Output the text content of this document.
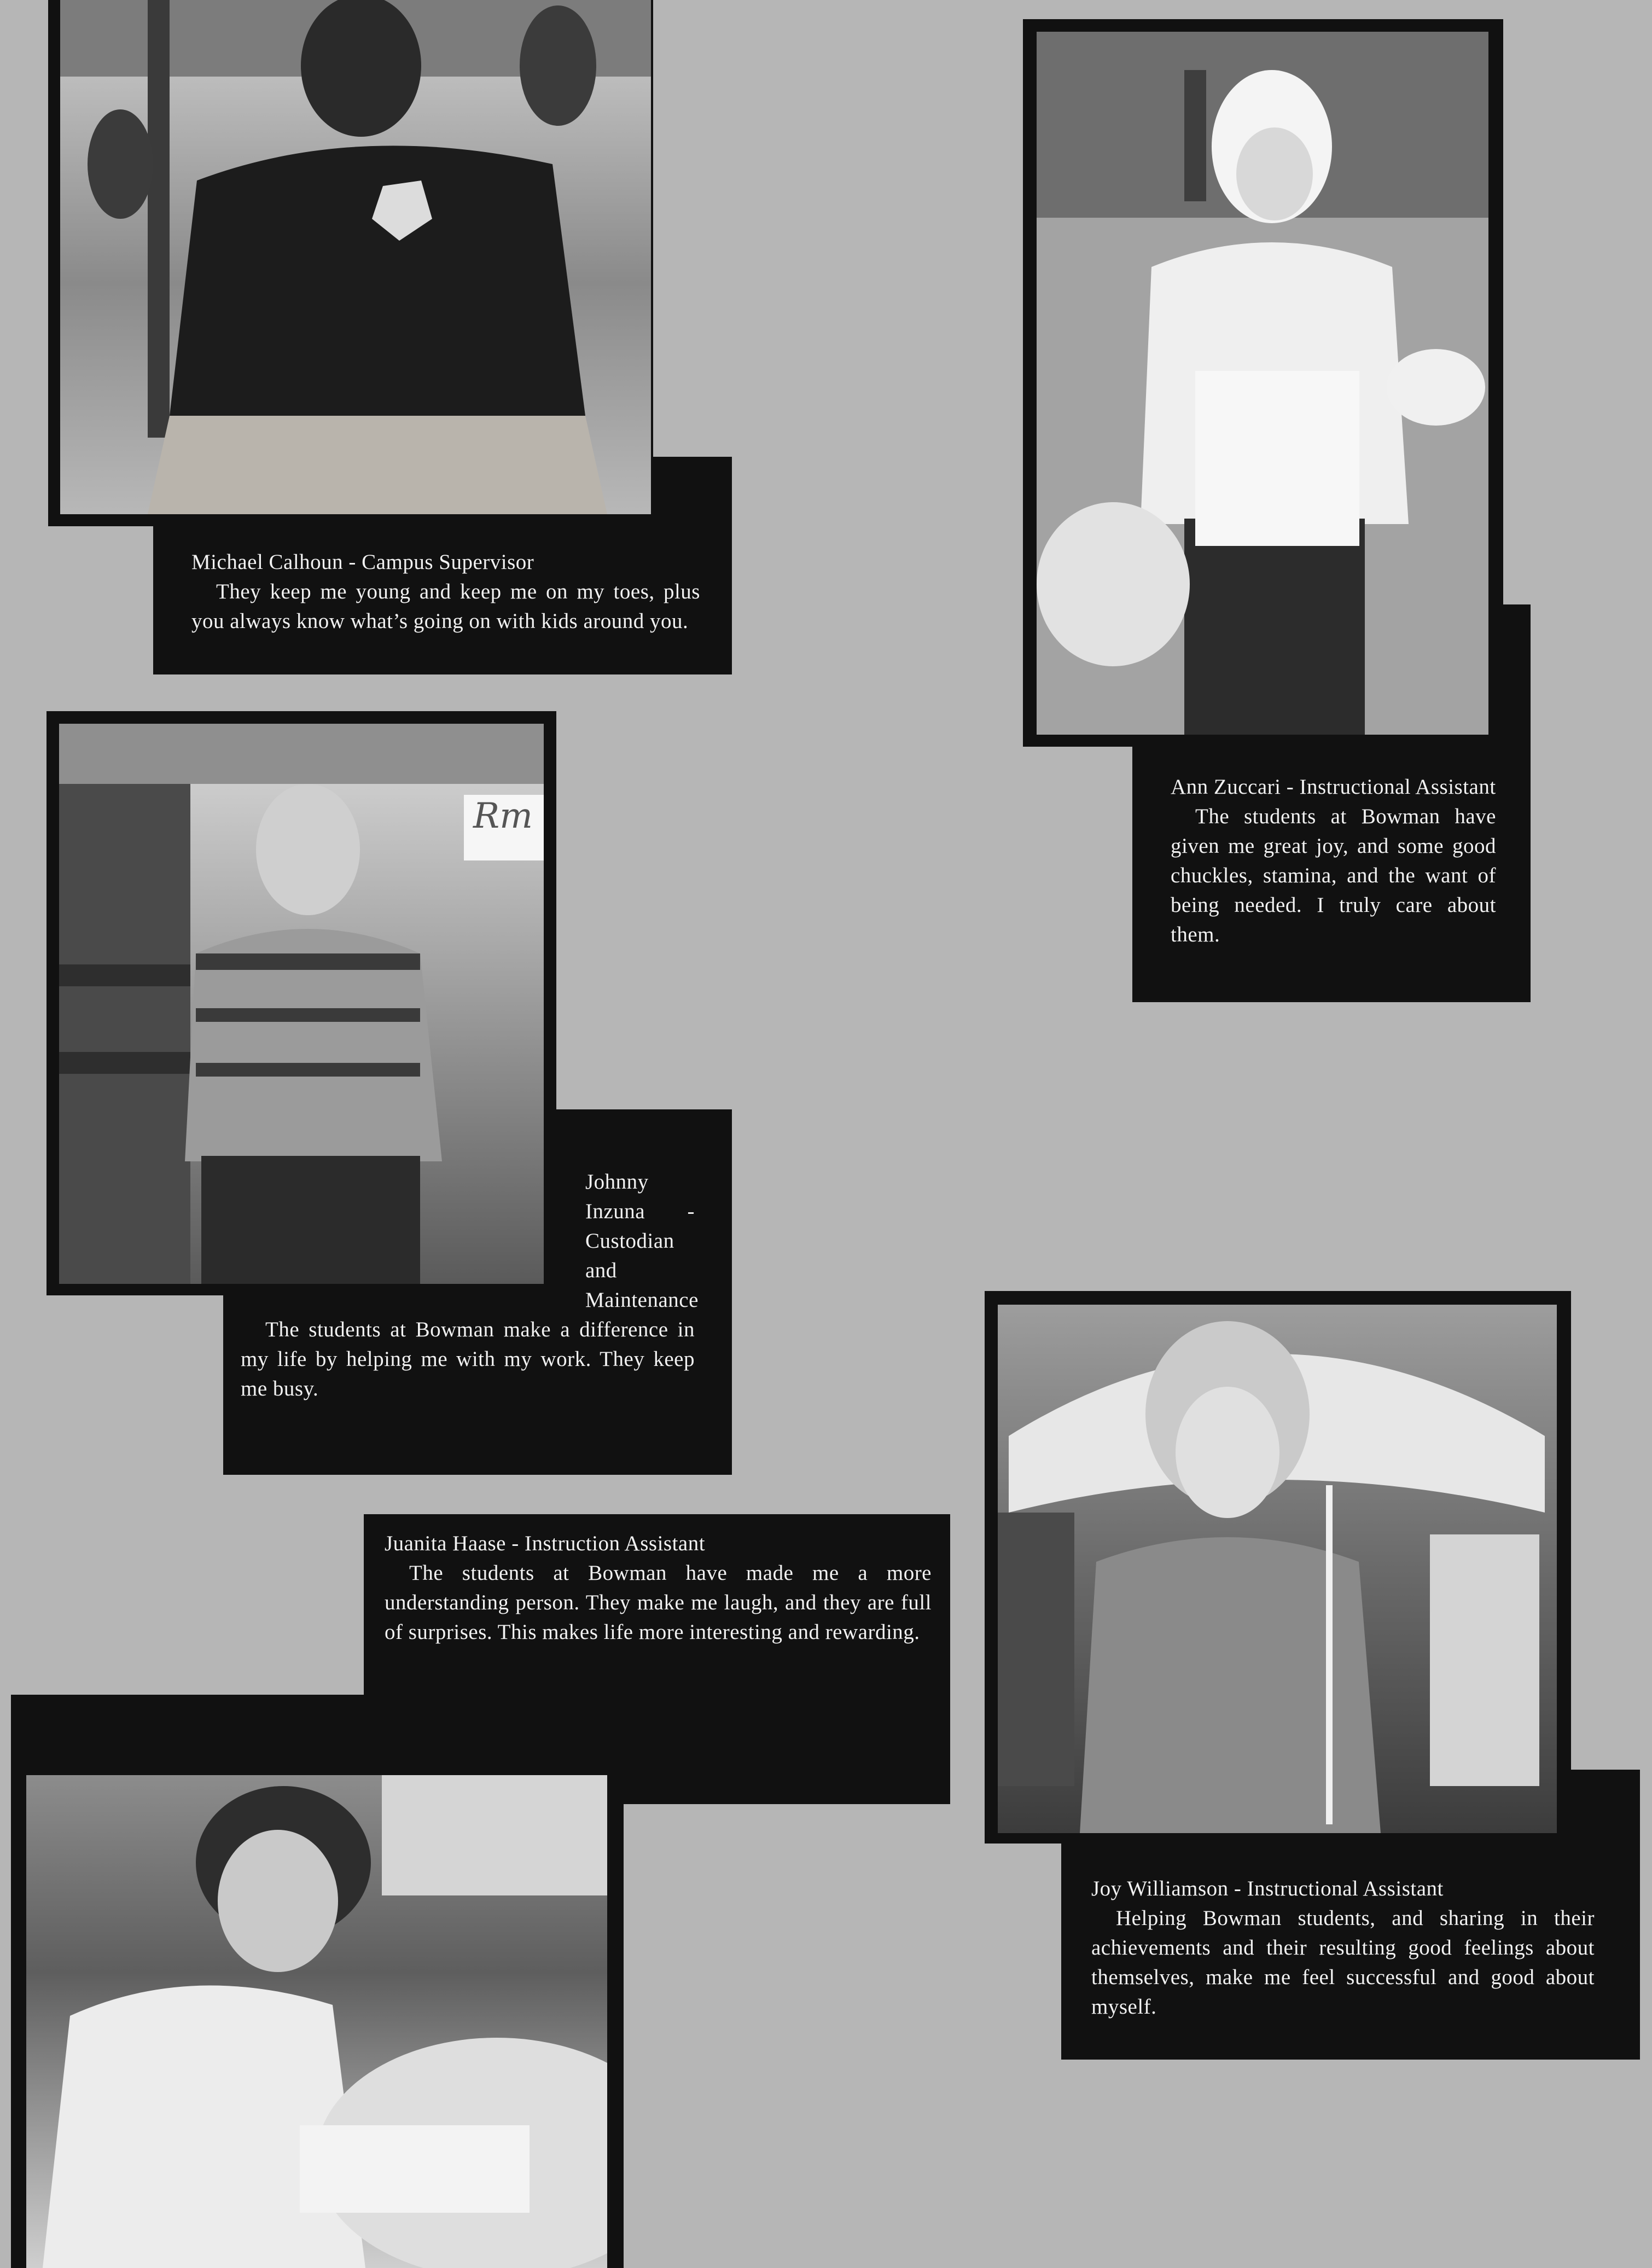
Michael Calhoun - Campus Supervisor
They keep me young and keep me on my toes, plus you always know what’s going on with kids around you.
Ann Zuccari - Instructional Assistant
The students at Bowman have given me great joy, and some good chuckles, stamina, and the want of being needed. I truly care about them.
Johnny Inzuna - Custodian and Maintenance
The students at Bowman make a difference in my life by helping me with my work. They keep me busy.
Juanita Haase - Instruction Assistant
The students at Bowman have made me a more understanding person. They make me laugh, and they are full of surprises. This makes life more interesting and rewarding.
Joy Williamson - Instructional Assistant
Helping Bowman students, and sharing in their achievements and their resulting good feelings about themselves, make me feel successful and good about myself.
Rm
